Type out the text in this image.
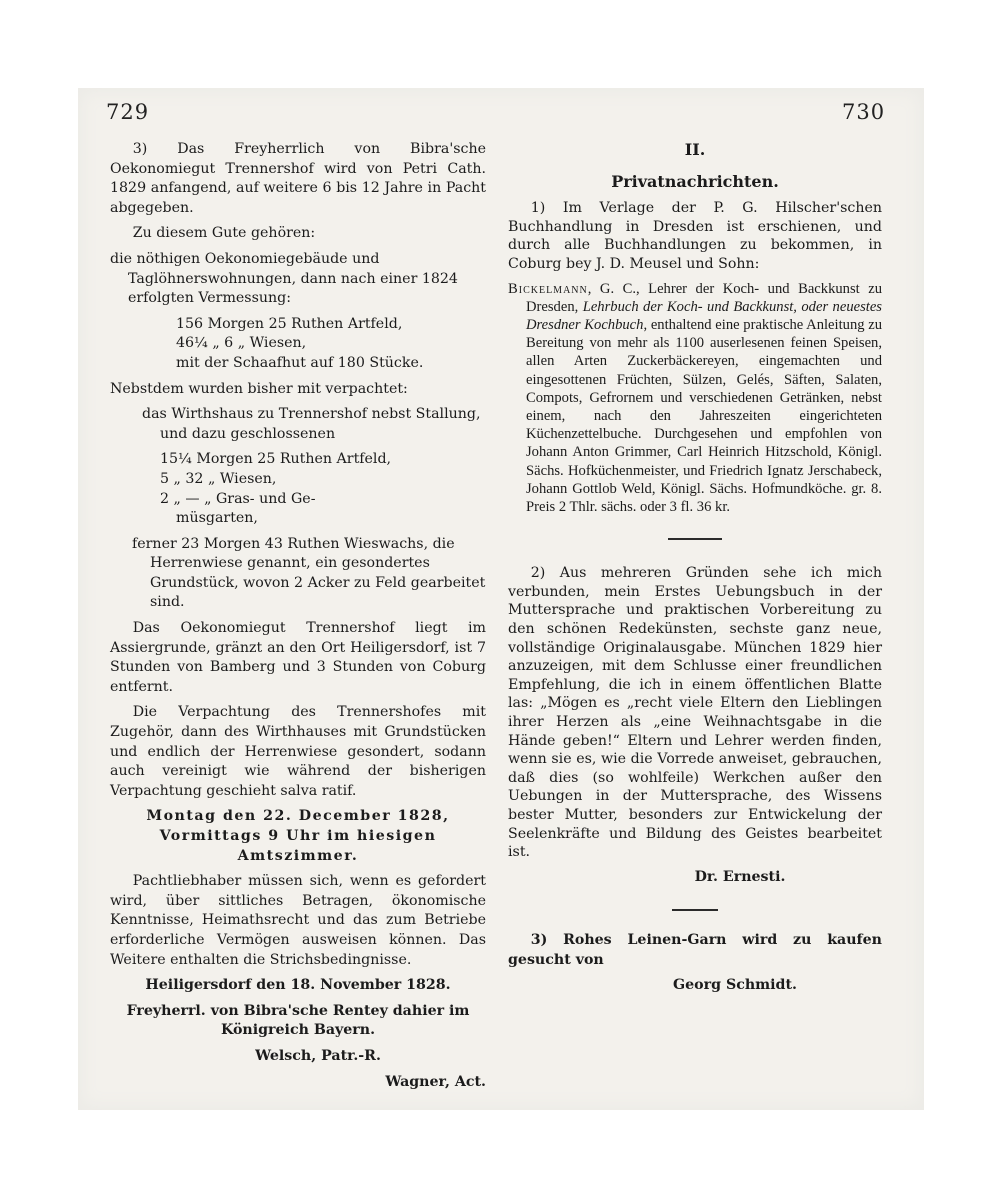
729	730

3) Das Freyherrlich von Bibra'sche Oekonomiegut Trennershof wird von Petri Cath. 1829 anfangend, auf weitere 6 bis 12 Jahre in Pacht abgegeben.

Zu diesem Gute gehören:

die nöthigen Oekonomiegebäude und Taglöhnerswohnungen, dann nach einer 1824 erfolgten Vermessung:
156 Morgen 25 Ruthen Artfeld,
46¼ „ 6 „ Wiesen,
mit der Schaafhut auf 180 Stücke.

Nebstdem wurden bisher mit verpachtet:

das Wirthshaus zu Trennershof nebst Stallung, und dazu geschlossenen
15¼ Morgen 25 Ruthen Artfeld,
5 „ 32 „ Wiesen,
2 „ — „ Gras- und Ge-
müsgarten,
ferner 23 Morgen 43 Ruthen Wieswachs, die Herrenwiese genannt, ein gesondertes Grundstück, wovon 2 Acker zu Feld gearbeitet sind.

Das Oekonomiegut Trennershof liegt im Assiergrunde, gränzt an den Ort Heiligersdorf, ist 7 Stunden von Bamberg und 3 Stunden von Coburg entfernt.

Die Verpachtung des Trennershofes mit Zugehör, dann des Wirthhauses mit Grundstücken und endlich der Herrenwiese gesondert, sodann auch vereinigt wie während der bisherigen Verpachtung geschieht salva ratif.

Montag den 22. December 1828,
Vormittags 9 Uhr im hiesigen
Amtszimmer.

Pachtliebhaber müssen sich, wenn es gefordert wird, über sittliches Betragen, ökonomische Kenntnisse, Heimathsrecht und das zum Betriebe erforderliche Vermögen ausweisen können. Das Weitere enthalten die Strichsbedingnisse.

Heiligersdorf den 18. November 1828.
Freyherrl. von Bibra'sche Rentey dahier im Königreich Bayern.
Welsch, Patr.-R.
Wagner, Act.
II.
Privatnachrichten.

1) Im Verlage der P. G. Hilscher'schen Buchhandlung in Dresden ist erschienen, und durch alle Buchhandlungen zu bekommen, in Coburg bey J. D. Meusel und Sohn:

Bickelmann, G. C., Lehrer der Koch- und Backkunst zu Dresden, Lehrbuch der Koch- und Backkunst, oder neuestes Dresdner Kochbuch, enthaltend eine praktische Anleitung zu Bereitung von mehr als 1100 auserlesenen feinen Speisen, allen Arten Zuckerbäckereyen, eingemachten und eingesottenen Früchten, Sülzen, Gelés, Säften, Salaten, Compots, Gefrornem und verschiedenen Getränken, nebst einem, nach den Jahreszeiten eingerichteten Küchenzettelbuche. Durchgesehen und empfohlen von Johann Anton Grimmer, Carl Heinrich Hitzschold, Königl. Sächs. Hofküchenmeister, und Friedrich Ignatz Jerschabeck, Johann Gottlob Weld, Königl. Sächs. Hofmundköche. gr. 8. Preis 2 Thlr. sächs. oder 3 fl. 36 kr.

2) Aus mehreren Gründen sehe ich mich verbunden, mein Erstes Uebungsbuch in der Muttersprache und praktischen Vorbereitung zu den schönen Redekünsten, sechste ganz neue, vollständige Originalausgabe. München 1829 hier anzuzeigen, mit dem Schlusse einer freundlichen Empfehlung, die ich in einem öffentlichen Blatte las: „Mögen es „recht viele Eltern den Lieblingen ihrer Herzen als „eine Weihnachtsgabe in die Hände geben!“ Eltern und Lehrer werden finden, wenn sie es, wie die Vorrede anweiset, gebrauchen, daß dies (so wohlfeile) Werkchen außer den Uebungen in der Muttersprache, des Wissens bester Mutter, besonders zur Entwickelung der Seelenkräfte und Bildung des Geistes bearbeitet ist.

Dr. Ernesti.

3) Rohes Leinen-Garn wird zu kaufen gesucht von

Georg Schmidt.
